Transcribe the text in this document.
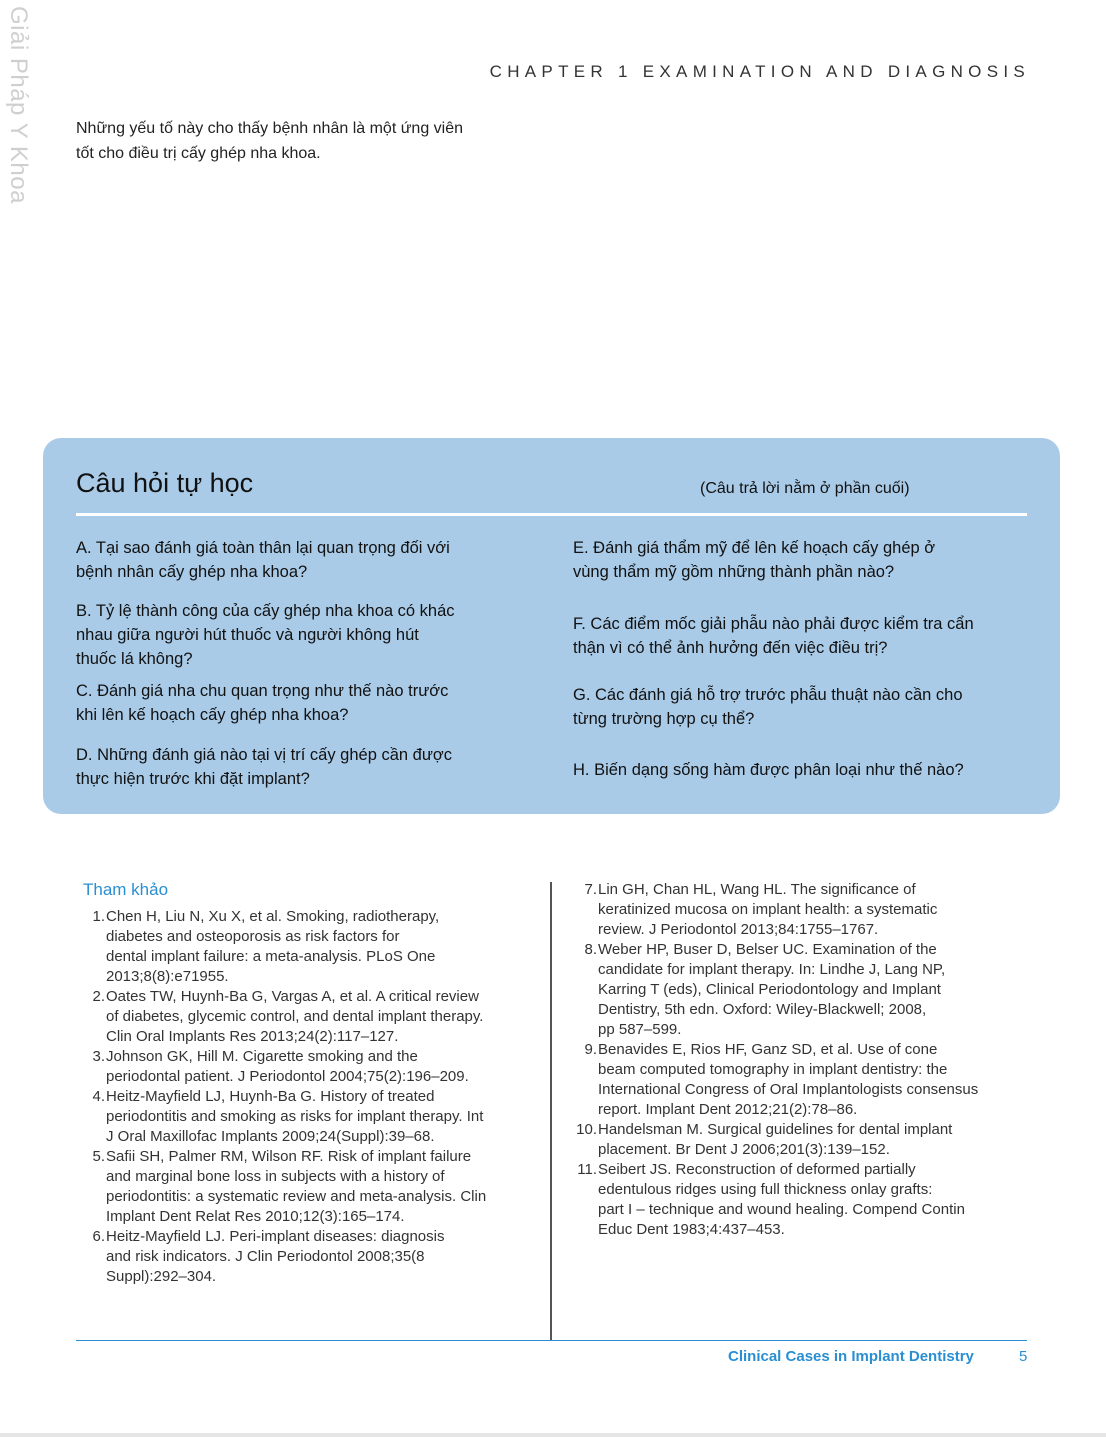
Giải Pháp Y Khoa	CHAPTER 1 EXAMINATION AND DIAGNOSIS
Những yếu tố này cho thấy bệnh nhân là một ứng viên
tốt cho điều trị cấy ghép nha khoa.
Câu hỏi tự học	(Câu trả lời nằm ở phần cuối)
A. Tại sao đánh giá toàn thân lại quan trọng đối với
bệnh nhân cấy ghép nha khoa?
B. Tỷ lệ thành công của cấy ghép nha khoa có khác
nhau giữa người hút thuốc và người không hút
thuốc lá không?
C. Đánh giá nha chu quan trọng như thế nào trước
khi lên kế hoạch cấy ghép nha khoa?
D. Những đánh giá nào tại vị trí cấy ghép cần được
thực hiện trước khi đặt implant?
E. Đánh giá thẩm mỹ để lên kế hoạch cấy ghép ở
vùng thẩm mỹ gồm những thành phần nào?
F. Các điểm mốc giải phẫu nào phải được kiểm tra cẩn
thận vì có thể ảnh hưởng đến việc điều trị?
G. Các đánh giá hỗ trợ trước phẫu thuật nào cần cho
từng trường hợp cụ thể?
H. Biến dạng sống hàm được phân loại như thế nào?
Tham khảo
1. Chen H, Liu N, Xu X, et al. Smoking, radiotherapy,
diabetes and osteoporosis as risk factors for
dental implant failure: a meta-analysis. PLoS One
2013;8(8):e71955.
2. Oates TW, Huynh-Ba G, Vargas A, et al. A critical review
of diabetes, glycemic control, and dental implant therapy.
Clin Oral Implants Res 2013;24(2):117–127.
3. Johnson GK, Hill M. Cigarette smoking and the
periodontal patient. J Periodontol 2004;75(2):196–209.
4. Heitz-Mayfield LJ, Huynh-Ba G. History of treated
periodontitis and smoking as risks for implant therapy. Int
J Oral Maxillofac Implants 2009;24(Suppl):39–68.
5. Safii SH, Palmer RM, Wilson RF. Risk of implant failure
and marginal bone loss in subjects with a history of
periodontitis: a systematic review and meta-analysis. Clin
Implant Dent Relat Res 2010;12(3):165–174.
6. Heitz-Mayfield LJ. Peri-implant diseases: diagnosis
and risk indicators. J Clin Periodontol 2008;35(8
Suppl):292–304.
7. Lin GH, Chan HL, Wang HL. The significance of
keratinized mucosa on implant health: a systematic
review. J Periodontol 2013;84:1755–1767.
8. Weber HP, Buser D, Belser UC. Examination of the
candidate for implant therapy. In: Lindhe J, Lang NP,
Karring T (eds), Clinical Periodontology and Implant
Dentistry, 5th edn. Oxford: Wiley-Blackwell; 2008,
pp 587–599.
9. Benavides E, Rios HF, Ganz SD, et al. Use of cone
beam computed tomography in implant dentistry: the
International Congress of Oral Implantologists consensus
report. Implant Dent 2012;21(2):78–86.
10. Handelsman M. Surgical guidelines for dental implant
placement. Br Dent J 2006;201(3):139–152.
11. Seibert JS. Reconstruction of deformed partially
edentulous ridges using full thickness onlay grafts:
part I – technique and wound healing. Compend Contin
Educ Dent 1983;4:437–453.
Clinical Cases in Implant Dentistry	5
